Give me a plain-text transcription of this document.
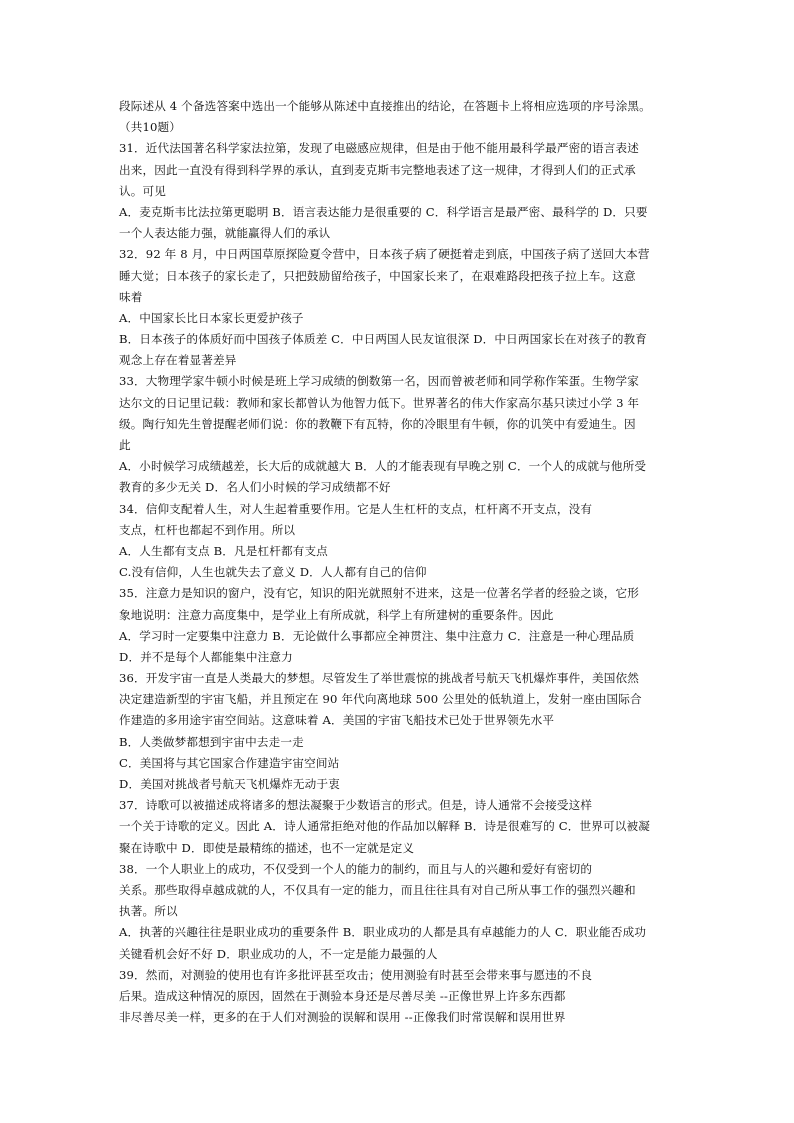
段际述从 4 个备选答案中选出一个能够从陈述中直接推出的结论，在答题卡上将相应选项的序号涂黑。
（共10题）
31．近代法国著名科学家法拉第，发现了电磁感应规律，但是由于他不能用最科学最严密的语言表述
出来，因此一直没有得到科学界的承认，直到麦克斯韦完整地表述了这一规律，才得到人们的正式承
认。可见
A．麦克斯韦比法拉第更聪明 B．语言表达能力是很重要的 C．科学语言是最严密、最科学的 D．只要
一个人表达能力强，就能赢得人们的承认
32．92 年 8 月，中日两国草原探险夏令营中，日本孩子病了硬挺着走到底，中国孩子病了送回大本营
睡大觉；日本孩子的家长走了，只把鼓励留给孩子，中国家长来了，在艰难路段把孩子拉上车。这意
味着
A．中国家长比日本家长更爱护孩子
B．日本孩子的体质好而中国孩子体质差 C．中日两国人民友谊很深 D．中日两国家长在对孩子的教育
观念上存在着显著差异
33．大物理学家牛顿小时候是班上学习成绩的倒数第一名，因而曾被老师和同学称作笨蛋。生物学家
达尔文的日记里记载：教师和家长都曾认为他智力低下。世界著名的伟大作家高尔基只读过小学 3 年
级。陶行知先生曾提醒老师们说：你的教鞭下有瓦特，你的冷眼里有牛顿，你的讥笑中有爱迪生。因
此
A．小时候学习成绩越差，长大后的成就越大 B．人的才能表现有早晚之别 C．一个人的成就与他所受
教育的多少无关 D．名人们小时候的学习成绩都不好
34．信仰支配着人生，对人生起着重要作用。它是人生杠杆的支点，杠杆离不开支点，没有
支点，杠杆也都起不到作用。所以
A．人生都有支点 B．凡是杠杆都有支点
C.没有信仰，人生也就失去了意义 D．人人都有自己的信仰
35．注意力是知识的窗户，没有它，知识的阳光就照射不进来，这是一位著名学者的经验之谈，它形
象地说明：注意力高度集中，是学业上有所成就，科学上有所建树的重要条件。因此
A．学习时一定要集中注意力 B．无论做什么事都应全神贯注、集中注意力 C．注意是一种心理品质
D．并不是每个人都能集中注意力
36．开发宇宙一直是人类最大的梦想。尽管发生了举世震惊的挑战者号航天飞机爆炸事件，美国依然
决定建造新型的宇宙飞船，并且预定在 90 年代向离地球 500 公里处的低轨道上，发射一座由国际合
作建造的多用途宇宙空间站。这意味着 A．美国的宇宙飞船技术已处于世界领先水平
B．人类做梦都想到宇宙中去走一走
C．美国将与其它国家合作建造宇宙空间站
D．美国对挑战者号航天飞机爆炸无动于衷
37．诗歌可以被描述成将诸多的想法凝聚于少数语言的形式。但是，诗人通常不会接受这样
一个关于诗歌的定义。因此 A．诗人通常拒绝对他的作品加以解释 B．诗是很难写的 C．世界可以被凝
聚在诗歌中 D．即使是最精练的描述，也不一定就是定义
38．一个人职业上的成功，不仅受到一个人的能力的制约，而且与人的兴趣和爱好有密切的
关系。那些取得卓越成就的人，不仅具有一定的能力，而且往往具有对自己所从事工作的强烈兴趣和
执著。所以
A．执著的兴趣往往是职业成功的重要条件 B．职业成功的人都是具有卓越能力的人 C．职业能否成功
关键看机会好不好 D．职业成功的人，不一定是能力最强的人
39．然而，对测验的使用也有许多批评甚至攻击；使用测验有时甚至会带来事与愿违的不良
后果。造成这种情况的原因，固然在于测验本身还是尽善尽美 --正像世界上许多东西都
非尽善尽美一样，更多的在于人们对测验的误解和误用 --正像我们时常误解和误用世界
